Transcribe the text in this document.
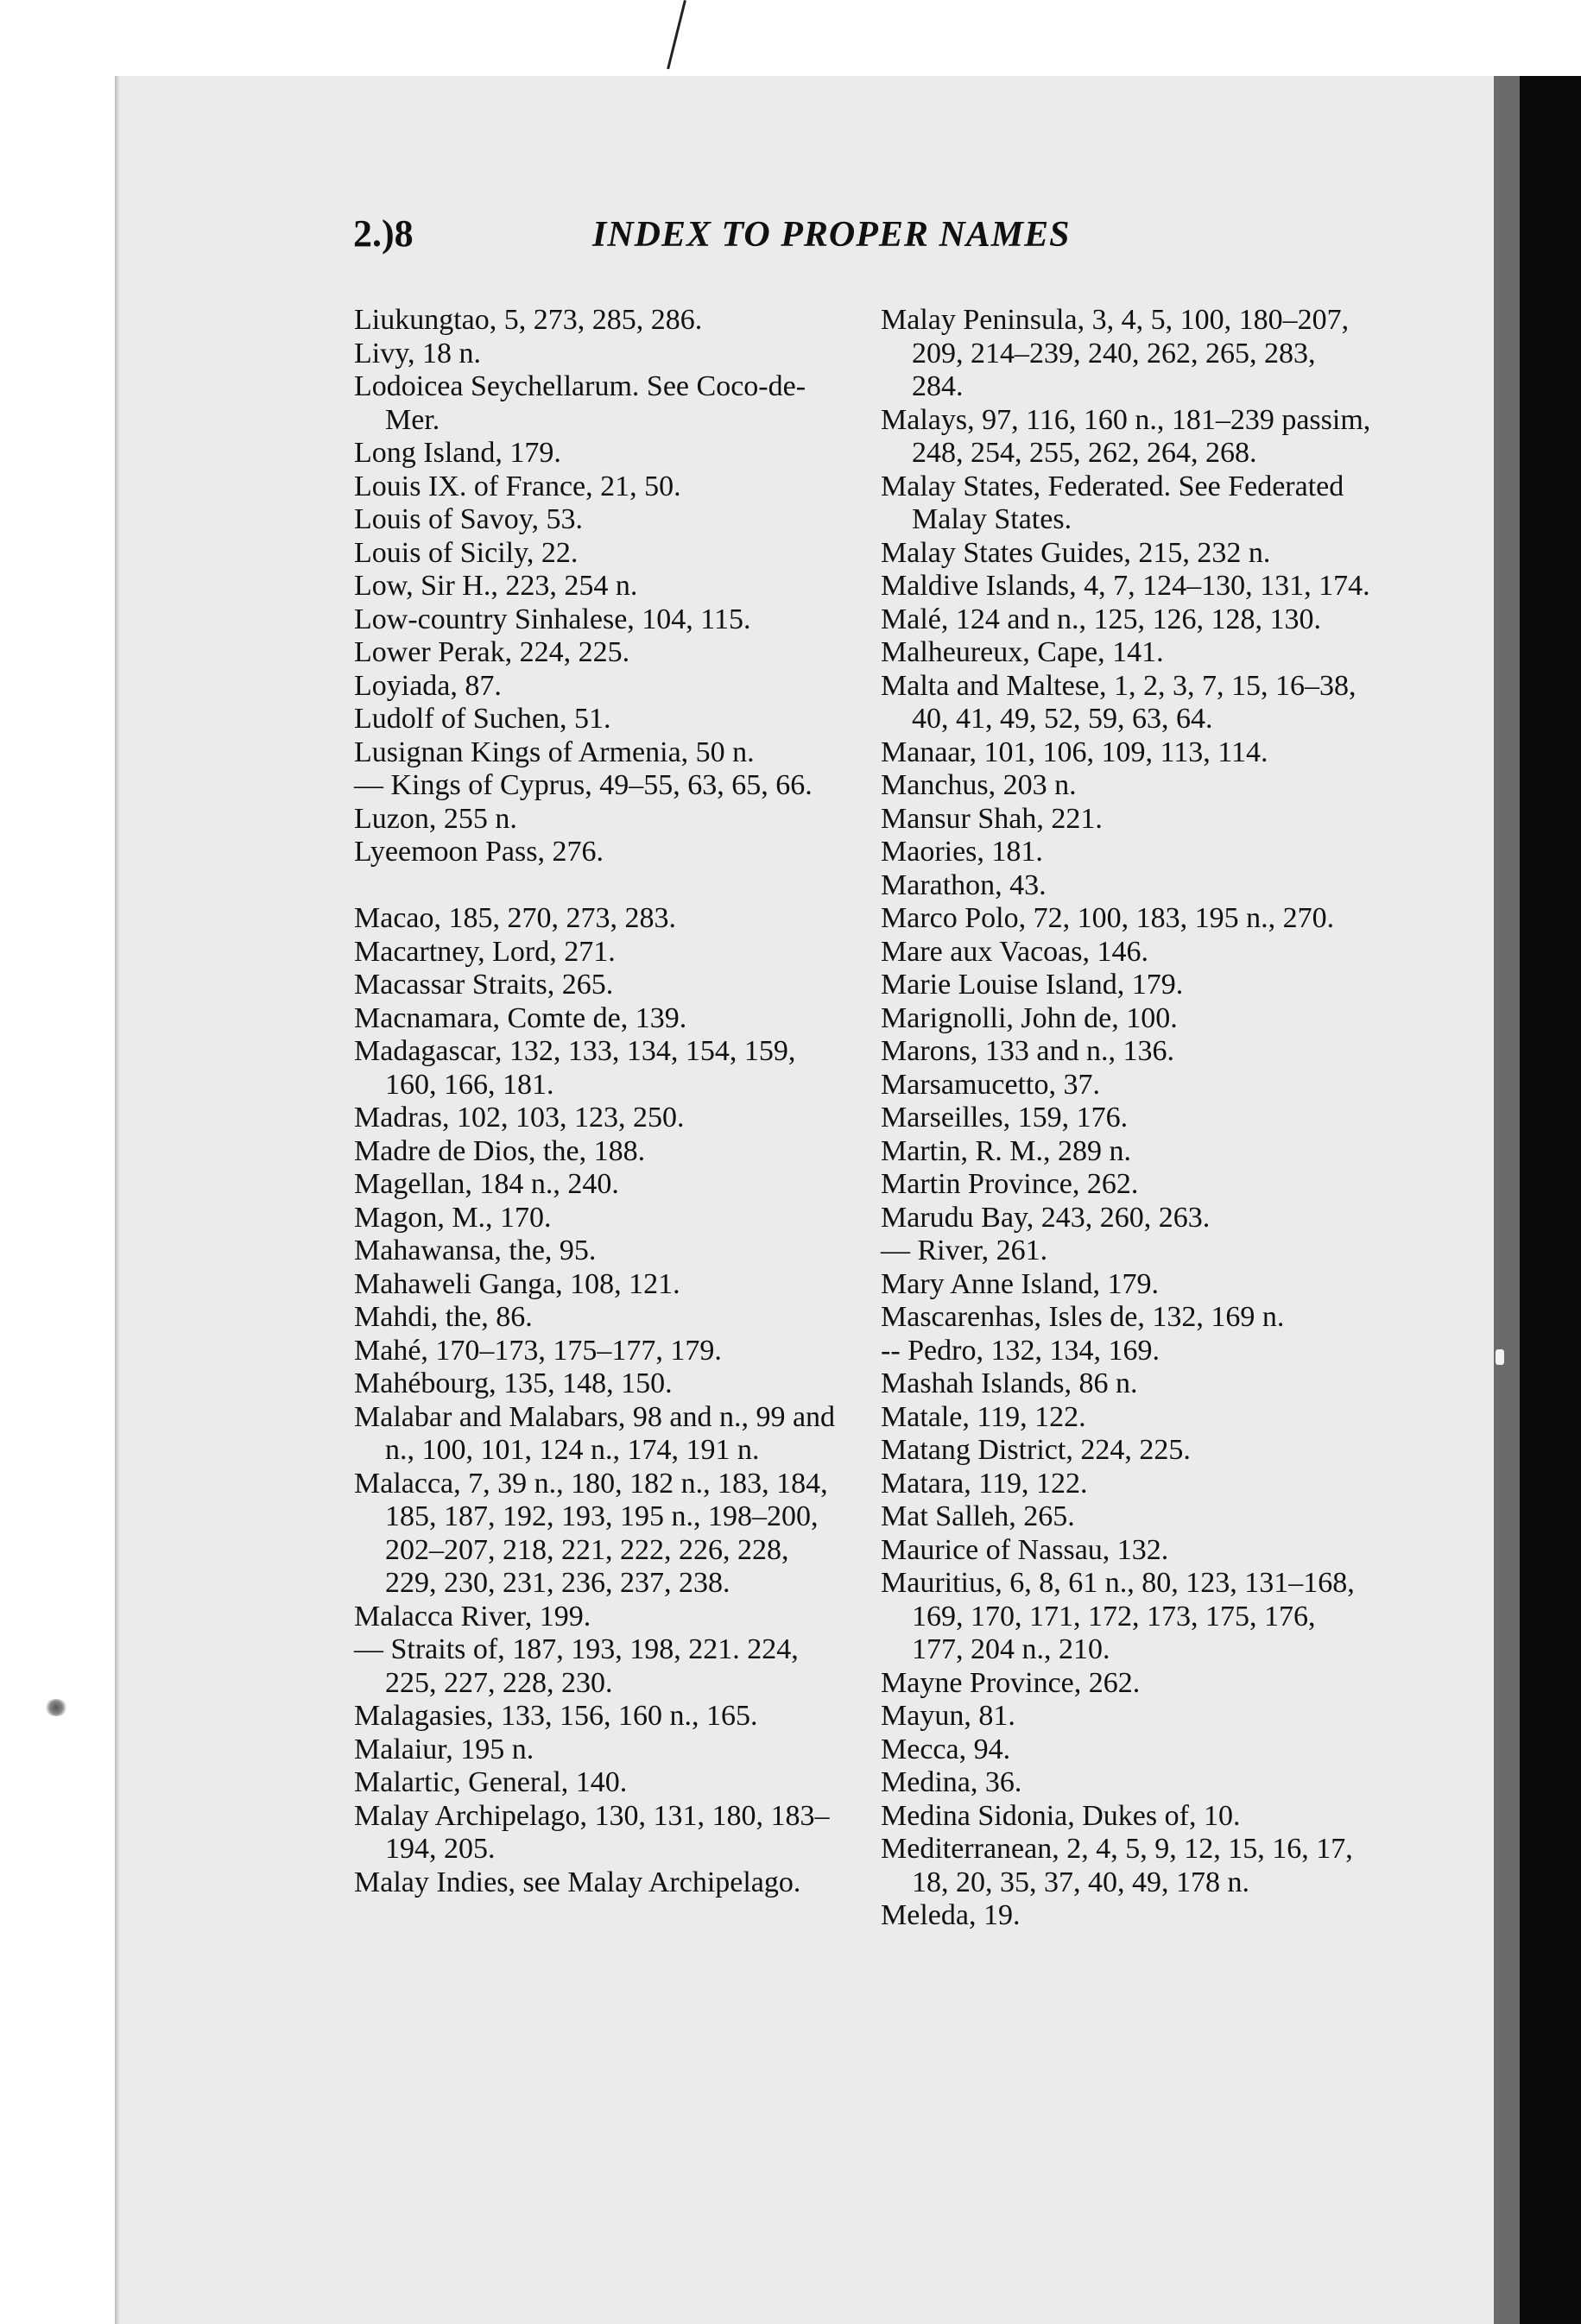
2.)8	INDEX TO PROPER NAMES
Liukungtao, 5, 273, 285, 286.
Livy, 18 n.
Lodoicea Seychellarum. See Coco-de-Mer.
Long Island, 179.
Louis IX. of France, 21, 50.
Louis of Savoy, 53.
Louis of Sicily, 22.
Low, Sir H., 223, 254 n.
Low-country Sinhalese, 104, 115.
Lower Perak, 224, 225.
Loyiada, 87.
Ludolf of Suchen, 51.
Lusignan Kings of Armenia, 50 n.
— Kings of Cyprus, 49–55, 63, 65, 66.
Luzon, 255 n.
Lyeemoon Pass, 276.
Macao, 185, 270, 273, 283.
Macartney, Lord, 271.
Macassar Straits, 265.
Macnamara, Comte de, 139.
Madagascar, 132, 133, 134, 154, 159, 160, 166, 181.
Madras, 102, 103, 123, 250.
Madre de Dios, the, 188.
Magellan, 184 n., 240.
Magon, M., 170.
Mahawansa, the, 95.
Mahaweli Ganga, 108, 121.
Mahdi, the, 86.
Mahé, 170–173, 175–177, 179.
Mahébourg, 135, 148, 150.
Malabar and Malabars, 98 and n., 99 and n., 100, 101, 124 n., 174, 191 n.
Malacca, 7, 39 n., 180, 182 n., 183, 184, 185, 187, 192, 193, 195 n., 198–200, 202–207, 218, 221, 222, 226, 228, 229, 230, 231, 236, 237, 238.
Malacca River, 199.
— Straits of, 187, 193, 198, 221. 224, 225, 227, 228, 230.
Malagasies, 133, 156, 160 n., 165.
Malaiur, 195 n.
Malartic, General, 140.
Malay Archipelago, 130, 131, 180, 183–194, 205.
Malay Indies, see Malay Archipelago.
Malay Peninsula, 3, 4, 5, 100, 180–207, 209, 214–239, 240, 262, 265, 283, 284.
Malays, 97, 116, 160 n., 181–239 passim, 248, 254, 255, 262, 264, 268.
Malay States, Federated. See Federated Malay States.
Malay States Guides, 215, 232 n.
Maldive Islands, 4, 7, 124–130, 131, 174.
Malé, 124 and n., 125, 126, 128, 130.
Malheureux, Cape, 141.
Malta and Maltese, 1, 2, 3, 7, 15, 16–38, 40, 41, 49, 52, 59, 63, 64.
Manaar, 101, 106, 109, 113, 114.
Manchus, 203 n.
Mansur Shah, 221.
Maories, 181.
Marathon, 43.
Marco Polo, 72, 100, 183, 195 n., 270.
Mare aux Vacoas, 146.
Marie Louise Island, 179.
Marignolli, John de, 100.
Marons, 133 and n., 136.
Marsamucetto, 37.
Marseilles, 159, 176.
Martin, R. M., 289 n.
Martin Province, 262.
Marudu Bay, 243, 260, 263.
— River, 261.
Mary Anne Island, 179.
Mascarenhas, Isles de, 132, 169 n.
-- Pedro, 132, 134, 169.
Mashah Islands, 86 n.
Matale, 119, 122.
Matang District, 224, 225.
Matara, 119, 122.
Mat Salleh, 265.
Maurice of Nassau, 132.
Mauritius, 6, 8, 61 n., 80, 123, 131–168, 169, 170, 171, 172, 173, 175, 176, 177, 204 n., 210.
Mayne Province, 262.
Mayun, 81.
Mecca, 94.
Medina, 36.
Medina Sidonia, Dukes of, 10.
Mediterranean, 2, 4, 5, 9, 12, 15, 16, 17, 18, 20, 35, 37, 40, 49, 178 n.
Meleda, 19.
